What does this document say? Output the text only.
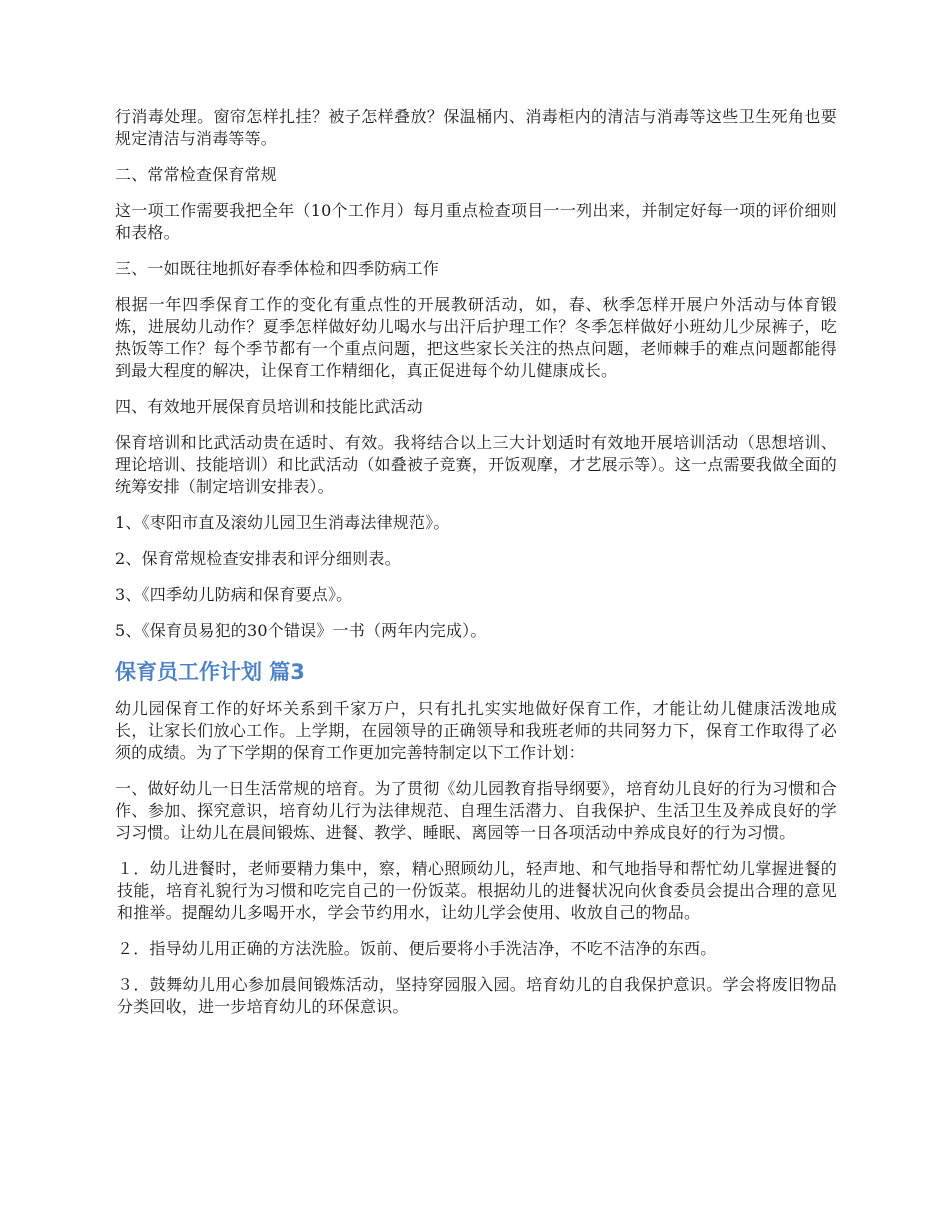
行消毒处理。窗帘怎样扎挂？被子怎样叠放？保温桶内、消毒柜内的清洁与消毒等这些卫生死角也要规定清洁与消毒等等。

二、常常检查保育常规

这一项工作需要我把全年（10个工作月）每月重点检查项目一一列出来，并制定好每一项的评价细则和表格。

三、一如既往地抓好春季体检和四季防病工作

根据一年四季保育工作的变化有重点性的开展教研活动，如，春、秋季怎样开展户外活动与体育锻炼，进展幼儿动作？夏季怎样做好幼儿喝水与出汗后护理工作？冬季怎样做好小班幼儿少尿裤子，吃热饭等工作？每个季节都有一个重点问题，把这些家长关注的热点问题，老师棘手的难点问题都能得到最大程度的解决，让保育工作精细化，真正促进每个幼儿健康成长。

四、有效地开展保育员培训和技能比武活动

保育培训和比武活动贵在适时、有效。我将结合以上三大计划适时有效地开展培训活动（思想培训、理论培训、技能培训）和比武活动（如叠被子竞赛，开饭观摩，才艺展示等）。这一点需要我做全面的统筹安排（制定培训安排表）。

1、《枣阳市直及滚幼儿园卫生消毒法律规范》。

2、保育常规检查安排表和评分细则表。

3、《四季幼儿防病和保育要点》。

5、《保育员易犯的30个错误》一书（两年内完成）。

保育员工作计划 篇3

幼儿园保育工作的好坏关系到千家万户，只有扎扎实实地做好保育工作，才能让幼儿健康活泼地成长，让家长们放心工作。上学期，在园领导的正确领导和我班老师的共同努力下，保育工作取得了必须的成绩。为了下学期的保育工作更加完善特制定以下工作计划：

一、做好幼儿一日生活常规的培育。为了贯彻《幼儿园教育指导纲要》，培育幼儿良好的行为习惯和合作、参加、探究意识，培育幼儿行为法律规范、自理生活潜力、自我保护、生活卫生及养成良好的学习习惯。让幼儿在晨间锻炼、进餐、教学、睡眠、离园等一日各项活动中养成良好的行为习惯。

１．幼儿进餐时，老师要精力集中，察，精心照顾幼儿，轻声地、和气地指导和帮忙幼儿掌握进餐的技能，培育礼貌行为习惯和吃完自己的一份饭菜。根据幼儿的进餐状况向伙食委员会提出合理的意见和推举。提醒幼儿多喝开水，学会节约用水，让幼儿学会使用、收放自己的物品。

２．指导幼儿用正确的方法洗脸。饭前、便后要将小手洗洁净，不吃不洁净的东西。

３．鼓舞幼儿用心参加晨间锻炼活动，坚持穿园服入园。培育幼儿的自我保护意识。学会将废旧物品分类回收，进一步培育幼儿的环保意识。
